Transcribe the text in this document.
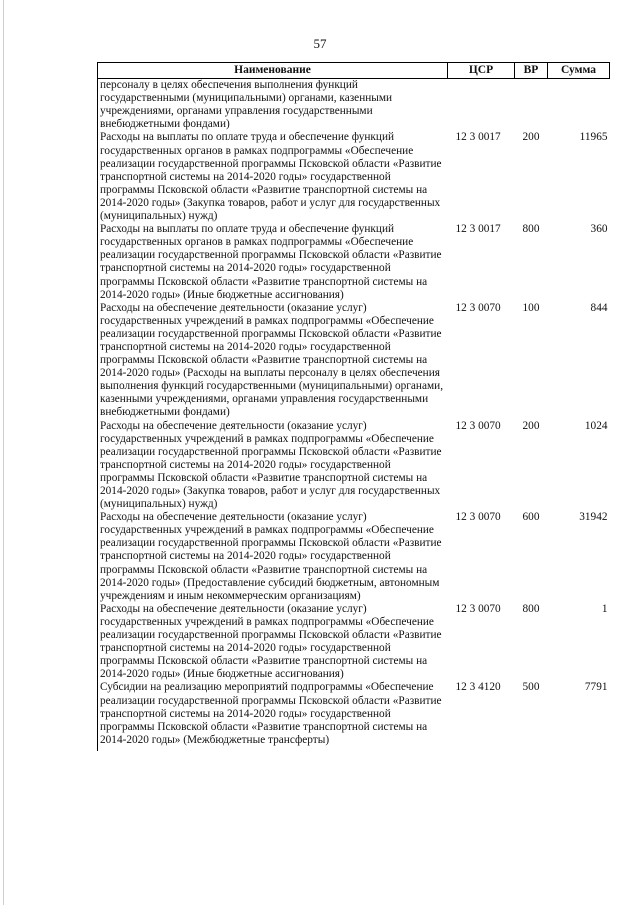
57
Наименование	ЦСР	ВР	Сумма
персоналу в целях обеспечения выполнения функций государственными (муниципальными) органами, казенными учреждениями, органами управления государственными внебюджетными фондами)			
Расходы на выплаты по оплате труда и обеспечение функций государственных органов в рамках подпрограммы «Обеспечение реализации государственной программы Псковской области «Развитие транспортной системы на 2014-2020 годы» государственной программы Псковской области «Развитие транспортной системы на 2014-2020 годы» (Закупка товаров, работ и услуг для государственных (муниципальных) нужд)	12 3 0017	200	11965
Расходы на выплаты по оплате труда и обеспечение функций государственных органов в рамках подпрограммы «Обеспечение реализации государственной программы Псковской области «Развитие транспортной системы на 2014-2020 годы» государственной программы Псковской области «Развитие транспортной системы на 2014-2020 годы» (Иные бюджетные ассигнования)	12 3 0017	800	360
Расходы на обеспечение деятельности (оказание услуг) государственных учреждений в рамках подпрограммы «Обеспечение реализации государственной программы Псковской области «Развитие транспортной системы на 2014-2020 годы» государственной программы Псковской области «Развитие транспортной системы на 2014-2020 годы» (Расходы на выплаты персоналу в целях обеспечения выполнения функций государственными (муниципальными) органами, казенными учреждениями, органами управления государственными внебюджетными фондами)	12 3 0070	100	844
Расходы на обеспечение деятельности (оказание услуг) государственных учреждений в рамках подпрограммы «Обеспечение реализации государственной программы Псковской области «Развитие транспортной системы на 2014-2020 годы» государственной программы Псковской области «Развитие транспортной системы на 2014-2020 годы» (Закупка товаров, работ и услуг для государственных (муниципальных) нужд)	12 3 0070	200	1024
Расходы на обеспечение деятельности (оказание услуг) государственных учреждений в рамках подпрограммы «Обеспечение реализации государственной программы Псковской области «Развитие транспортной системы на 2014-2020 годы» государственной программы Псковской области «Развитие транспортной системы на 2014-2020 годы» (Предоставление субсидий бюджетным, автономным учреждениям и иным некоммерческим организациям)	12 3 0070	600	31942
Расходы на обеспечение деятельности (оказание услуг) государственных учреждений в рамках подпрограммы «Обеспечение реализации государственной программы Псковской области «Развитие транспортной системы на 2014-2020 годы» государственной программы Псковской области «Развитие транспортной системы на 2014-2020 годы» (Иные бюджетные ассигнования)	12 3 0070	800	1
Субсидии на реализацию мероприятий подпрограммы «Обеспечение реализации государственной программы Псковской области «Развитие транспортной системы на 2014-2020 годы» государственной программы Псковской области «Развитие транспортной системы на 2014-2020 годы» (Межбюджетные трансферты)	12 3 4120	500	7791
